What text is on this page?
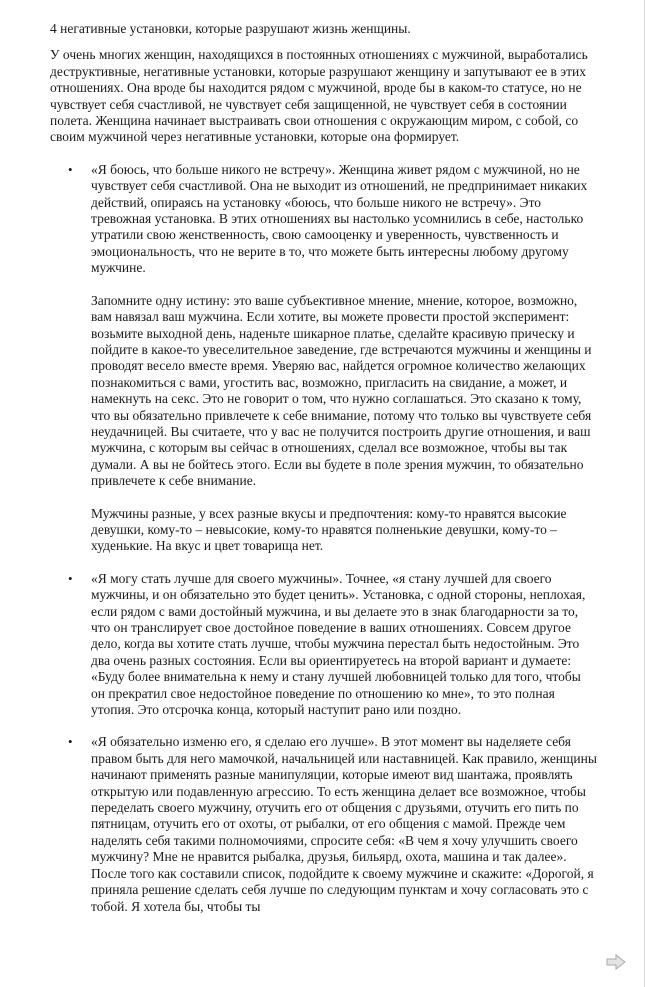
4 негативные установки, которые разрушают жизнь женщины.

У очень многих женщин, находящихся в постоянных отношениях с мужчиной, выработались деструктивные, негативные установки, которые разрушают женщину и запутывают ее в этих отношениях. Она вроде бы находится рядом с мужчиной, вроде бы в каком-то статусе, но не чувствует себя счастливой, не чувствует себя защищенной, не чувствует себя в состоянии полета. Женщина начинает выстраивать свои отношения с окружающим миром, с собой, со своим мужчиной через негативные установки, которые она формирует.

• «Я боюсь, что больше никого не встречу». Женщина живет рядом с мужчиной, но не чувствует себя счастливой. Она не выходит из отношений, не предпринимает никаких действий, опираясь на установку «боюсь, что больше никого не встречу». Это тревожная установка. В этих отношениях вы настолько усомнились в себе, настолько утратили свою женственность, свою самооценку и уверенность, чувственность и эмоциональность, что не верите в то, что можете быть интересны любому другому мужчине.

Запомните одну истину: это ваше субъективное мнение, мнение, которое, возможно, вам навязал ваш мужчина. Если хотите, вы можете провести простой эксперимент: возьмите выходной день, наденьте шикарное платье, сделайте красивую прическу и пойдите в какое-то увеселительное заведение, где встречаются мужчины и женщины и проводят весело вместе время. Уверяю вас, найдется огромное количество желающих познакомиться с вами, угостить вас, возможно, пригласить на свидание, а может, и намекнуть на секс. Это не говорит о том, что нужно соглашаться. Это сказано к тому, что вы обязательно привлечете к себе внимание, потому что только вы чувствуете себя неудачницей. Вы считаете, что у вас не получится построить другие отношения, и ваш мужчина, с которым вы сейчас в отношениях, сделал все возможное, чтобы вы так думали. А вы не бойтесь этого. Если вы будете в поле зрения мужчин, то обязательно привлечете к себе внимание.

Мужчины разные, у всех разные вкусы и предпочтения: кому-то нравятся высокие девушки, кому-то – невысокие, кому-то нравятся полненькие девушки, кому-то – худенькие. На вкус и цвет товарища нет.

• «Я могу стать лучше для своего мужчины». Точнее, «я стану лучшей для своего мужчины, и он обязательно это будет ценить». Установка, с одной стороны, неплохая, если рядом с вами достойный мужчина, и вы делаете это в знак благодарности за то, что он транслирует свое достойное поведение в ваших отношениях. Совсем другое дело, когда вы хотите стать лучше, чтобы мужчина перестал быть недостойным. Это два очень разных состояния. Если вы ориентируетесь на второй вариант и думаете: «Буду более внимательна к нему и стану лучшей любовницей только для того, чтобы он прекратил свое недостойное поведение по отношению ко мне», то это полная утопия. Это отсрочка конца, который наступит рано или поздно.

• «Я обязательно изменю его, я сделаю его лучше». В этот момент вы наделяете себя правом быть для него мамочкой, начальницей или наставницей. Как правило, женщины начинают применять разные манипуляции, которые имеют вид шантажа, проявлять открытую или подавленную агрессию. То есть женщина делает все возможное, чтобы переделать своего мужчину, отучить его от общения с друзьями, отучить его пить по пятницам, отучить его от охоты, от рыбалки, от его общения с мамой. Прежде чем наделять себя такими полномочиями, спросите себя: «В чем я хочу улучшить своего мужчину? Мне не нравится рыбалка, друзья, бильярд, охота, машина и так далее». После того как составили список, подойдите к своему мужчине и скажите: «Дорогой, я приняла решение сделать себя лучше по следующим пунктам и хочу согласовать это с тобой. Я хотела бы, чтобы ты
